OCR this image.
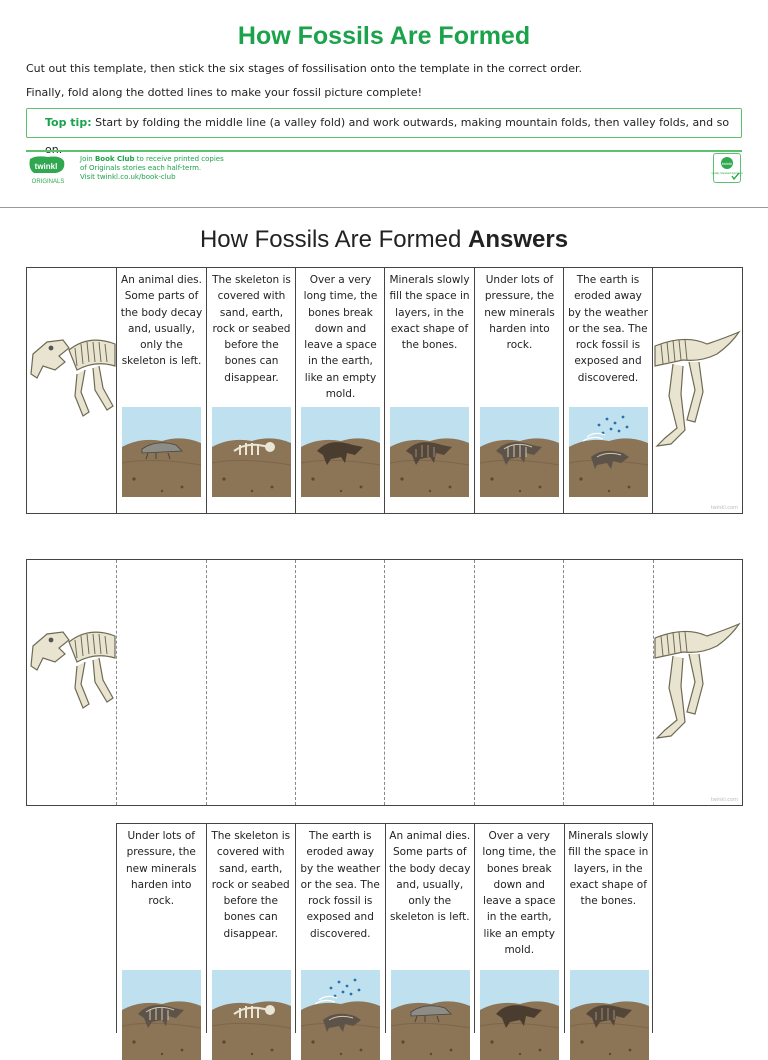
How Fossils Are Formed
Cut out this template, then stick the six stages of fossilisation onto the template in the correct order.
Finally, fold along the dotted lines to make your fossil picture complete!
Top tip: Start by folding the middle line (a valley fold) and work outwards, making mountain folds, then valley folds, and so
twinkl
ORIGINALS
Join Book Club to receive printed copies
of Originals stories each half-term.
Visit twinkl.co.uk/book-club
twinkl
Quality Standard Approved
How Fossils Are Formed Answers
twinkl.com
An animal dies. Some parts of the body decay and, usually, only the skeleton is left.
The skeleton is covered with sand, earth, rock or seabed before the bones can disappear.
Over a very long time, the bones break down and leave a space in the earth, like an empty mold.
Minerals slowly fill the space in layers, in the exact shape of the bones.
Under lots of pressure, the new minerals harden into rock.
The earth is eroded away by the weather or the sea. The rock fossil is exposed and discovered.
twinkl.com
Under lots of pressure, the new minerals harden into rock.
The skeleton is covered with sand, earth, rock or seabed before the bones can disappear.
The earth is eroded away by the weather or the sea. The rock fossil is exposed and discovered.
An animal dies. Some parts of the body decay and, usually, only the skeleton is left.
Over a very long time, the bones break down and leave a space in the earth, like an empty mold.
Minerals slowly fill the space in layers, in the exact shape of the bones.
